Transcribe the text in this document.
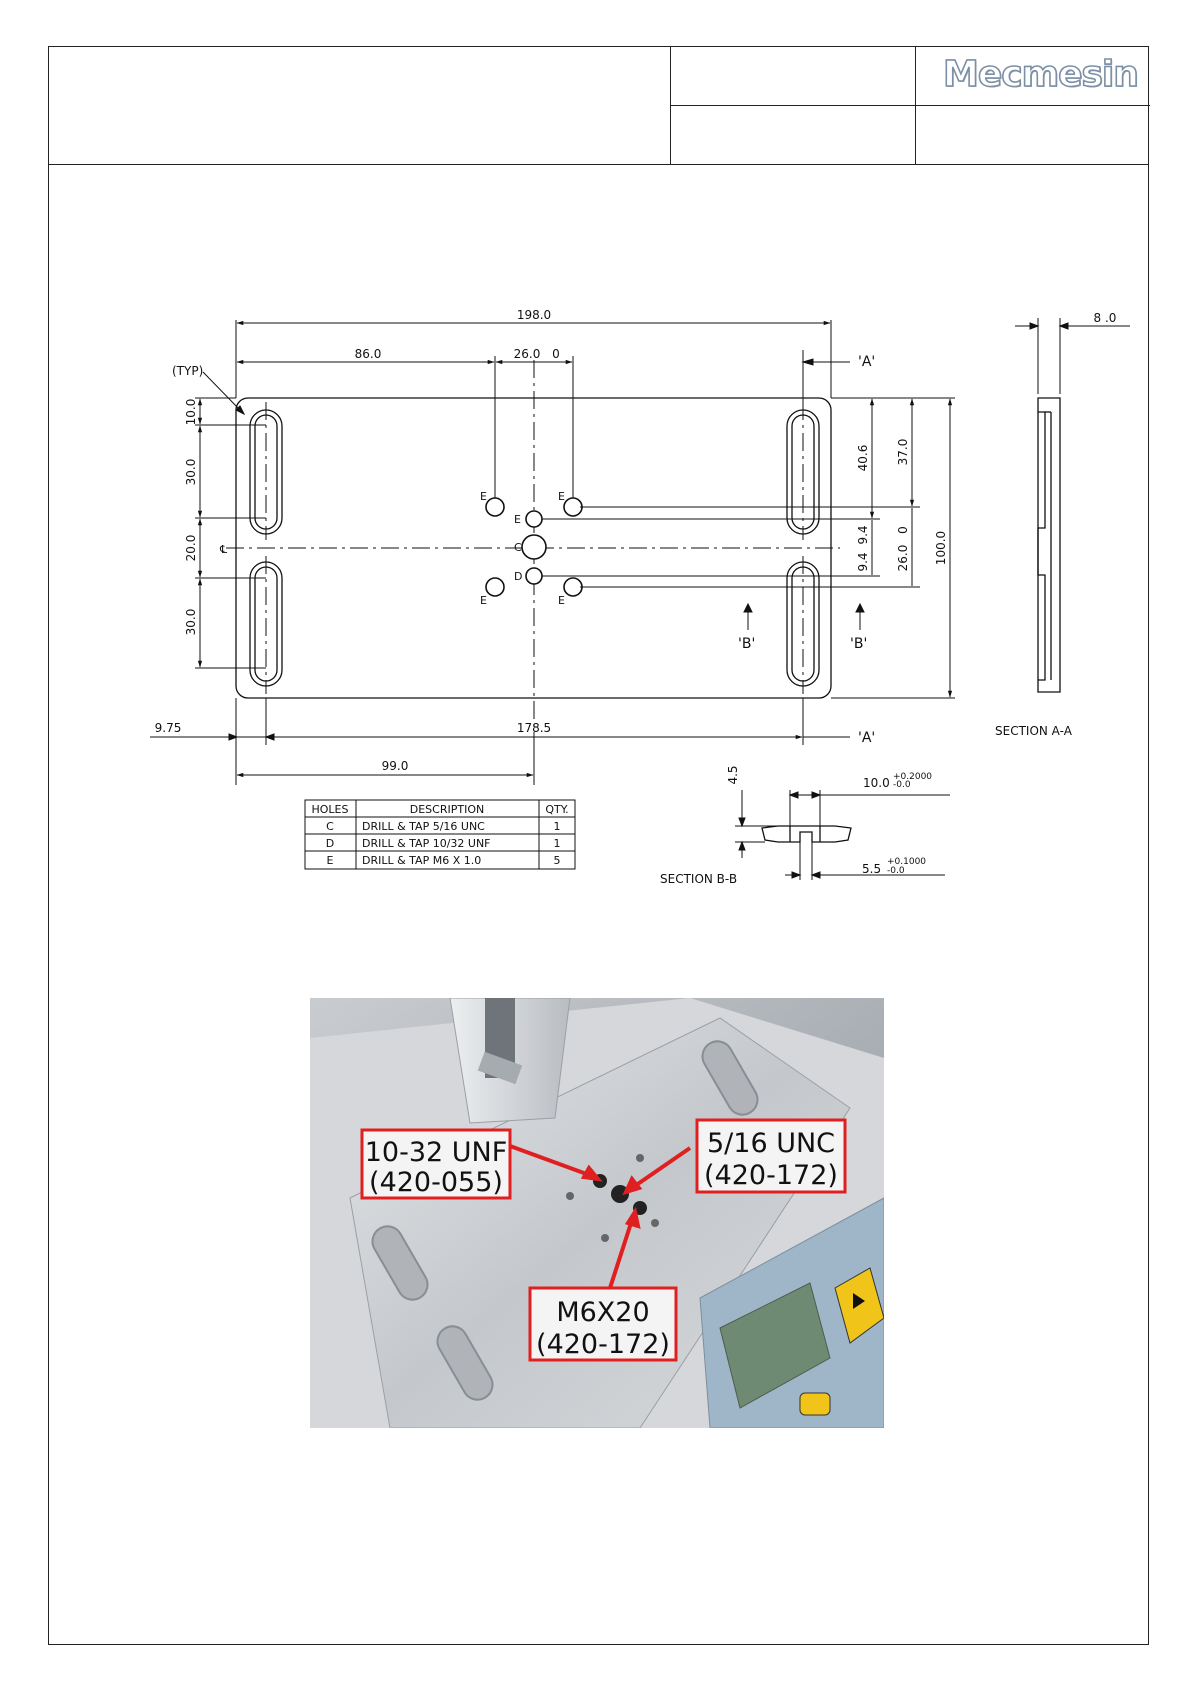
Mecmesin
198.0
86.0	26.0 0
(TYP)
10.0
30.0
20.0
30.0
40.6 37.0
9.4
9.4 26.0
0
100.0
9.75	178.5
99.0
8 .0
'A'
'A'
'B'	'B'
℄
E	E
E
C
D
E	E
SECTION A-A
SECTION B-B
4.5	10.0 +0.2000
-0.0
5.5 +0.1000
-0.0
HOLES	DESCRIPTION	QTY.
C	DRILL & TAP 5/16 UNC	1
D	DRILL & TAP 10/32 UNF	1
E	DRILL & TAP M6 X 1.0	5
10-32 UNF
(420-055)
5/16 UNC
(420-172)
M6X20
(420-172)
